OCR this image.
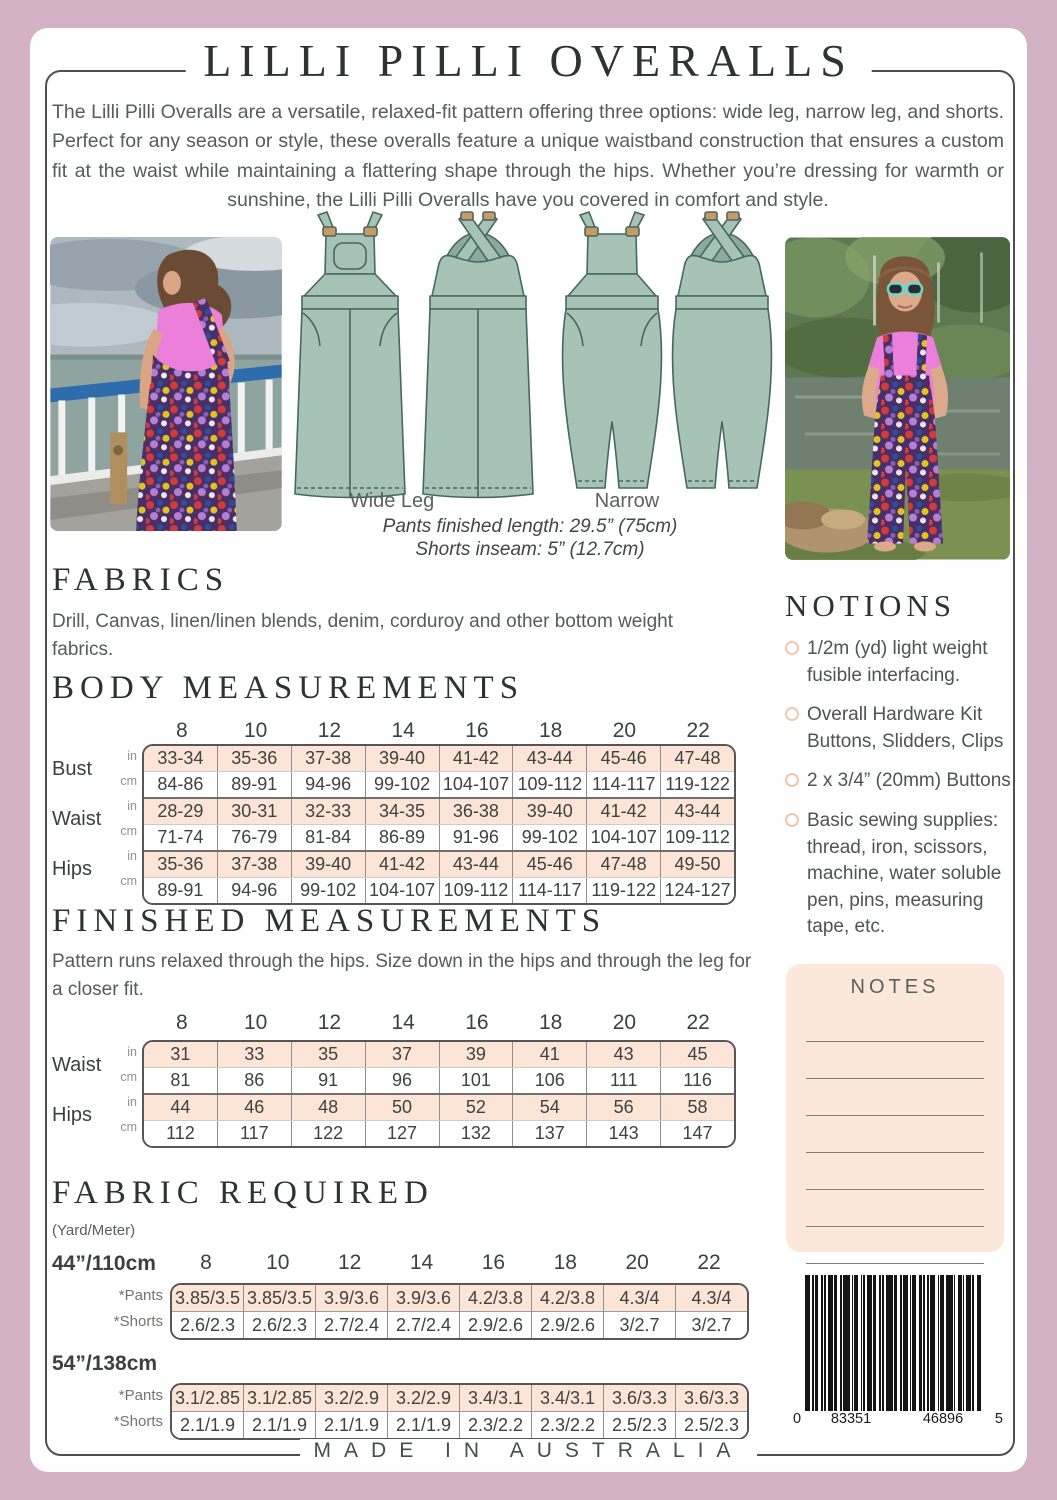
LILLI PILLI OVERALLS
The Lilli Pilli Overalls are a versatile, relaxed-fit pattern offering three options: wide leg, narrow leg, and shorts. Perfect for any season or style, these overalls feature a unique waistband construction that ensures a custom fit at the waist while maintaining a flattering shape through the hips. Whether you’re dressing for warmth or sunshine, the Lilli Pilli Overalls have you covered in comfort and style.
Wide Leg	Narrow
Pants finished length: 29.5” (75cm)
Shorts inseam: 5” (12.7cm)
FABRICS
Drill, Canvas, linen/linen blends, denim, corduroy and other bottom weight fabrics.
BODY MEASUREMENTS
8	10	12	14	16	18	20	22
Bust
in
cm
Waist
in
cm
Hips
in
cm
33-34	35-36	37-38	39-40	41-42	43-44	45-46	47-48
84-86	89-91	94-96	99-102 104-107 109-112 114-117 119-122
28-29	30-31	32-33	34-35	36-38	39-40	41-42	43-44
71-74	76-79	81-84	86-89	91-96	99-102 104-107 109-112
35-36	37-38	39-40	41-42	43-44	45-46	47-48	49-50
89-91	94-96	99-102 104-107 109-112 114-117 119-122 124-127
FINISHED MEASUREMENTS
Pattern runs relaxed through the hips. Size down in the hips and through the leg for a closer fit.
8	10	12	14	16	18	20	22
Waist
in
cm
Hips
in
cm
31	33	35	37	39	41	43	45
81	86	91	96	101	106	111	116
44	46	48	50	52	54	56	58
112	117	122	127	132	137	143	147
FABRIC REQUIRED
(Yard/Meter)
44”/110cm	8	10	12	14	16	18	20	22
*Pants
*Shorts
3.85/3.5 3.85/3.5 3.9/3.6 3.9/3.6 4.2/3.8 4.2/3.8	4.3/4	4.3/4
2.6/2.3 2.6/2.3 2.7/2.4 2.7/2.4 2.9/2.6 2.9/2.6	3/2.7	3/2.7
54”/138cm
*Pants
*Shorts
3.1/2.85 3.1/2.85 3.2/2.9 3.2/2.9 3.4/3.1 3.4/3.1 3.6/3.3 3.6/3.3
2.1/1.9 2.1/1.9 2.1/1.9 2.1/1.9 2.3/2.2 2.3/2.2 2.5/2.3 2.5/2.3
NOTIONS
1/2m (yd) light weight fusible interfacing.
Overall Hardware Kit Buttons, Slidders, Clips
2 x 3/4” (20mm) Buttons
Basic sewing supplies: thread, iron, scissors, machine, water soluble pen, pins, measuring tape, etc.
NOTES
0	83351	46896	5
MADE IN AUSTRALIA
